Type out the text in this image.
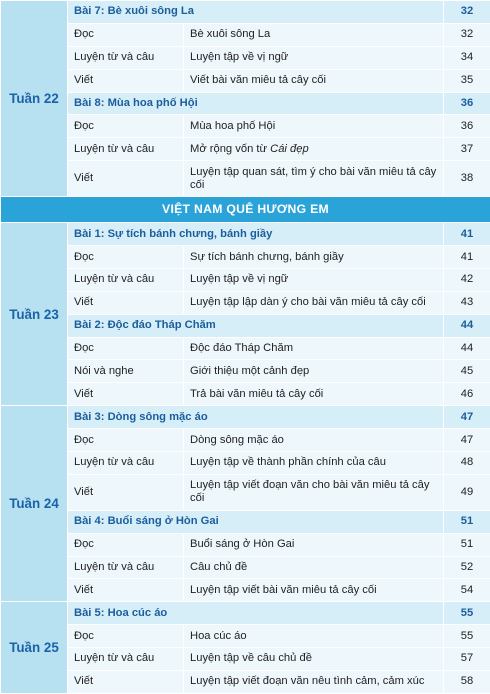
Tuần 22	Bài 7: Bè xuôi sông La		32
	Đọc	Bè xuôi sông La	32
	Luyện từ và câu	Luyện tập về vị ngữ	34
	Viết	Viết bài văn miêu tả cây cối	35
	Bài 8: Mùa hoa phố Hội		36
	Đọc	Mùa hoa phố Hội	36
	Luyện từ và câu	Mở rộng vốn từ Cái đẹp	37
	Viết	Luyện tập quan sát, tìm ý cho bài văn miêu tả cây cối	38
VIỆT NAM QUÊ HƯƠNG EM			
Tuần 23	Bài 1: Sự tích bánh chưng, bánh giầy		41
	Đọc	Sự tích bánh chưng, bánh giầy	41
	Luyện từ và câu	Luyện tập về vị ngữ	42
	Viết	Luyện tập lập dàn ý cho bài văn miêu tả cây cối	43
	Bài 2: Độc đáo Tháp Chăm		44
	Đọc	Độc đáo Tháp Chăm	44
	Nói và nghe	Giới thiệu một cảnh đẹp	45
	Viết	Trả bài văn miêu tả cây cối	46
Tuần 24	Bài 3: Dòng sông mặc áo		47
	Đọc	Dòng sông mặc áo	47
	Luyện từ và câu	Luyện tập về thành phần chính của câu	48
	Viết	Luyện tập viết đoạn văn cho bài văn miêu tả cây cối	49
	Bài 4: Buổi sáng ở Hòn Gai		51
	Đọc	Buổi sáng ở Hòn Gai	51
	Luyện từ và câu	Câu chủ đề	52
	Viết	Luyện tập viết bài văn miêu tả cây cối	54
Tuần 25	Bài 5: Hoa cúc áo		55
	Đọc	Hoa cúc áo	55
	Luyện từ và câu	Luyện tập về câu chủ đề	57
	Viết	Luyện tập viết đoạn văn nêu tình cảm, cảm xúc	58
